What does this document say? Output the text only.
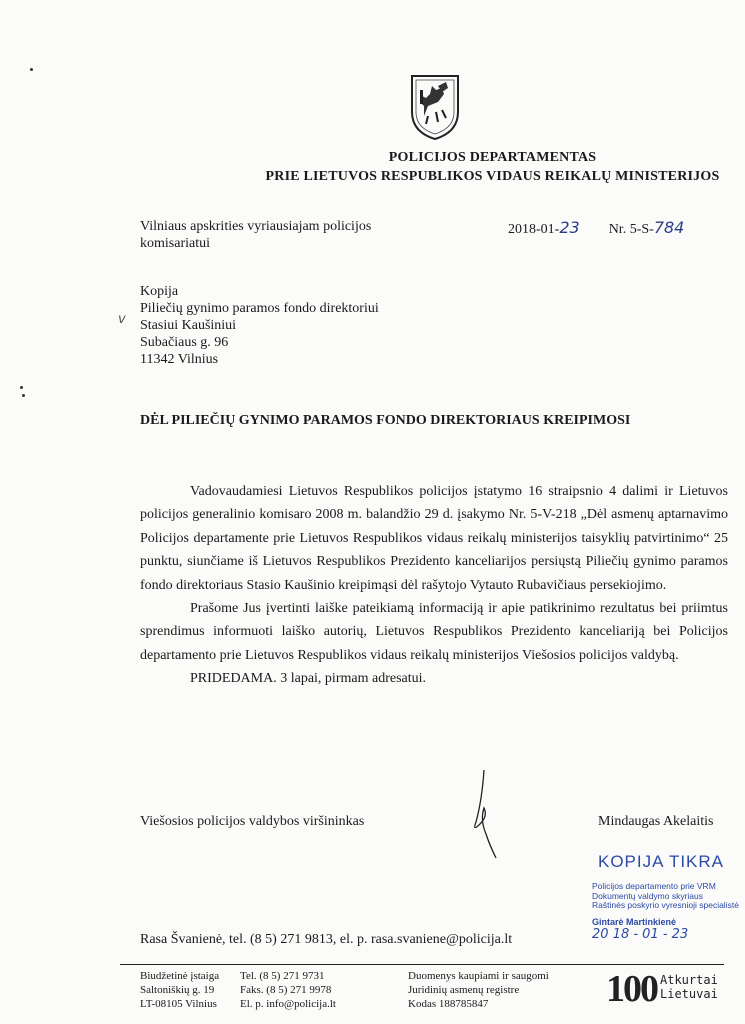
POLICIJOS DEPARTAMENTAS
PRIE LIETUVOS RESPUBLIKOS VIDAUS REIKALŲ MINISTERIJOS
Vilniaus apskrities vyriausiajam policijos
komisariatui
2018-01-23 Nr. 5-S-784
Kopija
Piliečių gynimo paramos fondo direktoriui
Stasiui Kaušiniui
Subačiaus g. 96
11342 Vilnius
v
DĖL PILIEČIŲ GYNIMO PARAMOS FONDO DIREKTORIAUS KREIPIMOSI

Vadovaudamiesi Lietuvos Respublikos policijos įstatymo 16 straipsnio 4 dalimi ir Lietuvos policijos generalinio komisaro 2008 m. balandžio 29 d. įsakymo Nr. 5-V-218 „Dėl asmenų aptarnavimo Policijos departamente prie Lietuvos Respublikos vidaus reikalų ministerijos taisyklių patvirtinimo“ 25 punktu, siunčiame iš Lietuvos Respublikos Prezidento kanceliarijos persiųstą Piliečių gynimo paramos fondo direktoriaus Stasio Kaušinio kreipimąsi dėl rašytojo Vytauto Rubavičiaus persekiojimo.

Prašome Jus įvertinti laiške pateikiamą informaciją ir apie patikrinimo rezultatus bei priimtus sprendimus informuoti laiško autorių, Lietuvos Respublikos Prezidento kanceliariją bei Policijos departamento prie Lietuvos Respublikos vidaus reikalų ministerijos Viešosios policijos valdybą.

PRIDEDAMA. 3 lapai, pirmam adresatui.

Viešosios policijos valdybos viršininkas	Mindaugas Akelaitis
KOPIJA TIKRA
Policijos departamento prie VRM
Dokumentų valdymo skyriaus
Raštinės poskyrio vyresnioji specialistė
Gintarė Martinkienė
20 18 - 01 - 23
Rasa Švanienė, tel. (8 5) 271 9813, el. p. rasa.svaniene@policija.lt
Biudžetinė įstaiga
Saltoniškių g. 19
LT-08105 Vilnius
Tel. (8 5) 271 9731
Faks. (8 5) 271 9978
El. p. info@policija.lt
Duomenys kaupiami ir saugomi
Juridinių asmenų registre
Kodas 188785847	100 Atkurtai
Lietuvai
